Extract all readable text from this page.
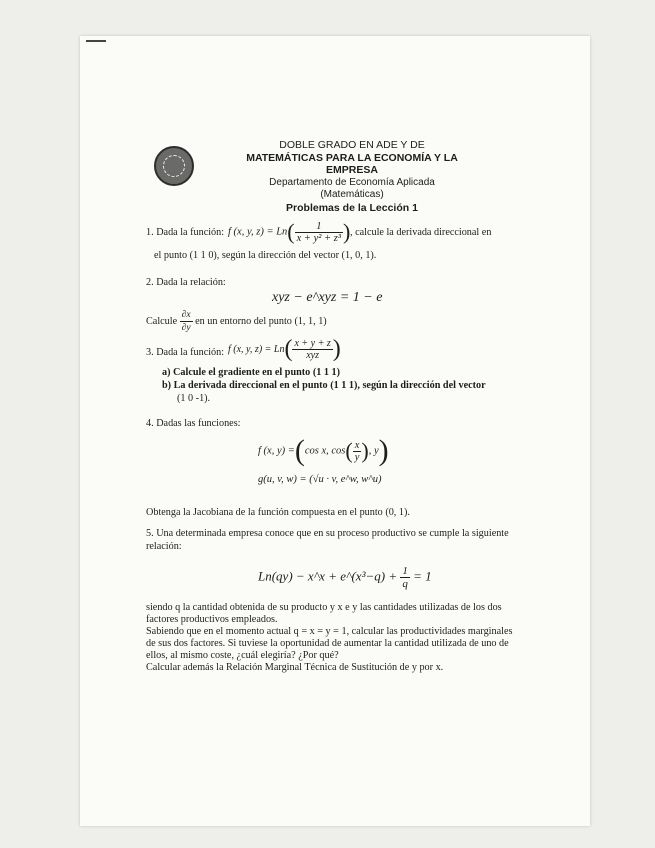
DOBLE GRADO EN ADE Y DE
MATEMÁTICAS PARA LA ECONOMÍA Y LA EMPRESA
Departamento de Economía Aplicada (Matemáticas)
Problemas de la Lección 1
1. Dada la función: f (x, y, $z) = Ln( \frac{1}{\text{x + y² + z³}}$ ) , calcule la derivada direccional en
el punto (1 1 0), según la dirección del vector (1, 0, 1).
2. Dada la relación:
xyz − e^xyz = 1 − e
Calcule $\frac{\partial x}{\partial y}$ en un entorno del punto (1, 1, 1)
3. Dada la función: f (x, y, $z) = Ln( \frac{x + y + z}{\text{xyz}}$ )
a) Calcule el gradiente en el punto (1 1 1)
b) La derivada direccional en el punto (1 1 1), según la dirección del vector
(1 0 -1).
4. Dadas las funciones:
f (x, y) =(cos x, $\cos( \frac{x}{y}$ ), y)
g(u, v, w) = (√u · v, e^w, w^u)
Obtenga la Jacobiana de la función compuesta en el punto (0, 1).
5. Una determinada empresa conoce que en su proceso productivo se cumple la siguiente
relación:
Ln(qy) − x^x + e^(x³−q) + $\frac{1}{q} = 1$
siendo q la cantidad obtenida de su producto y x e y las cantidades utilizadas de los dos
factores productivos empleados.
Sabiendo que en el momento actual q = x = y = 1, calcular las productividades marginales
de sus dos factores. Si tuviese la oportunidad de aumentar la cantidad utilizada de uno de
ellos, al mismo coste, ¿cuál elegiría? ¿Por qué?
Calcular además la Relación Marginal Técnica de Sustitución de y por x.
